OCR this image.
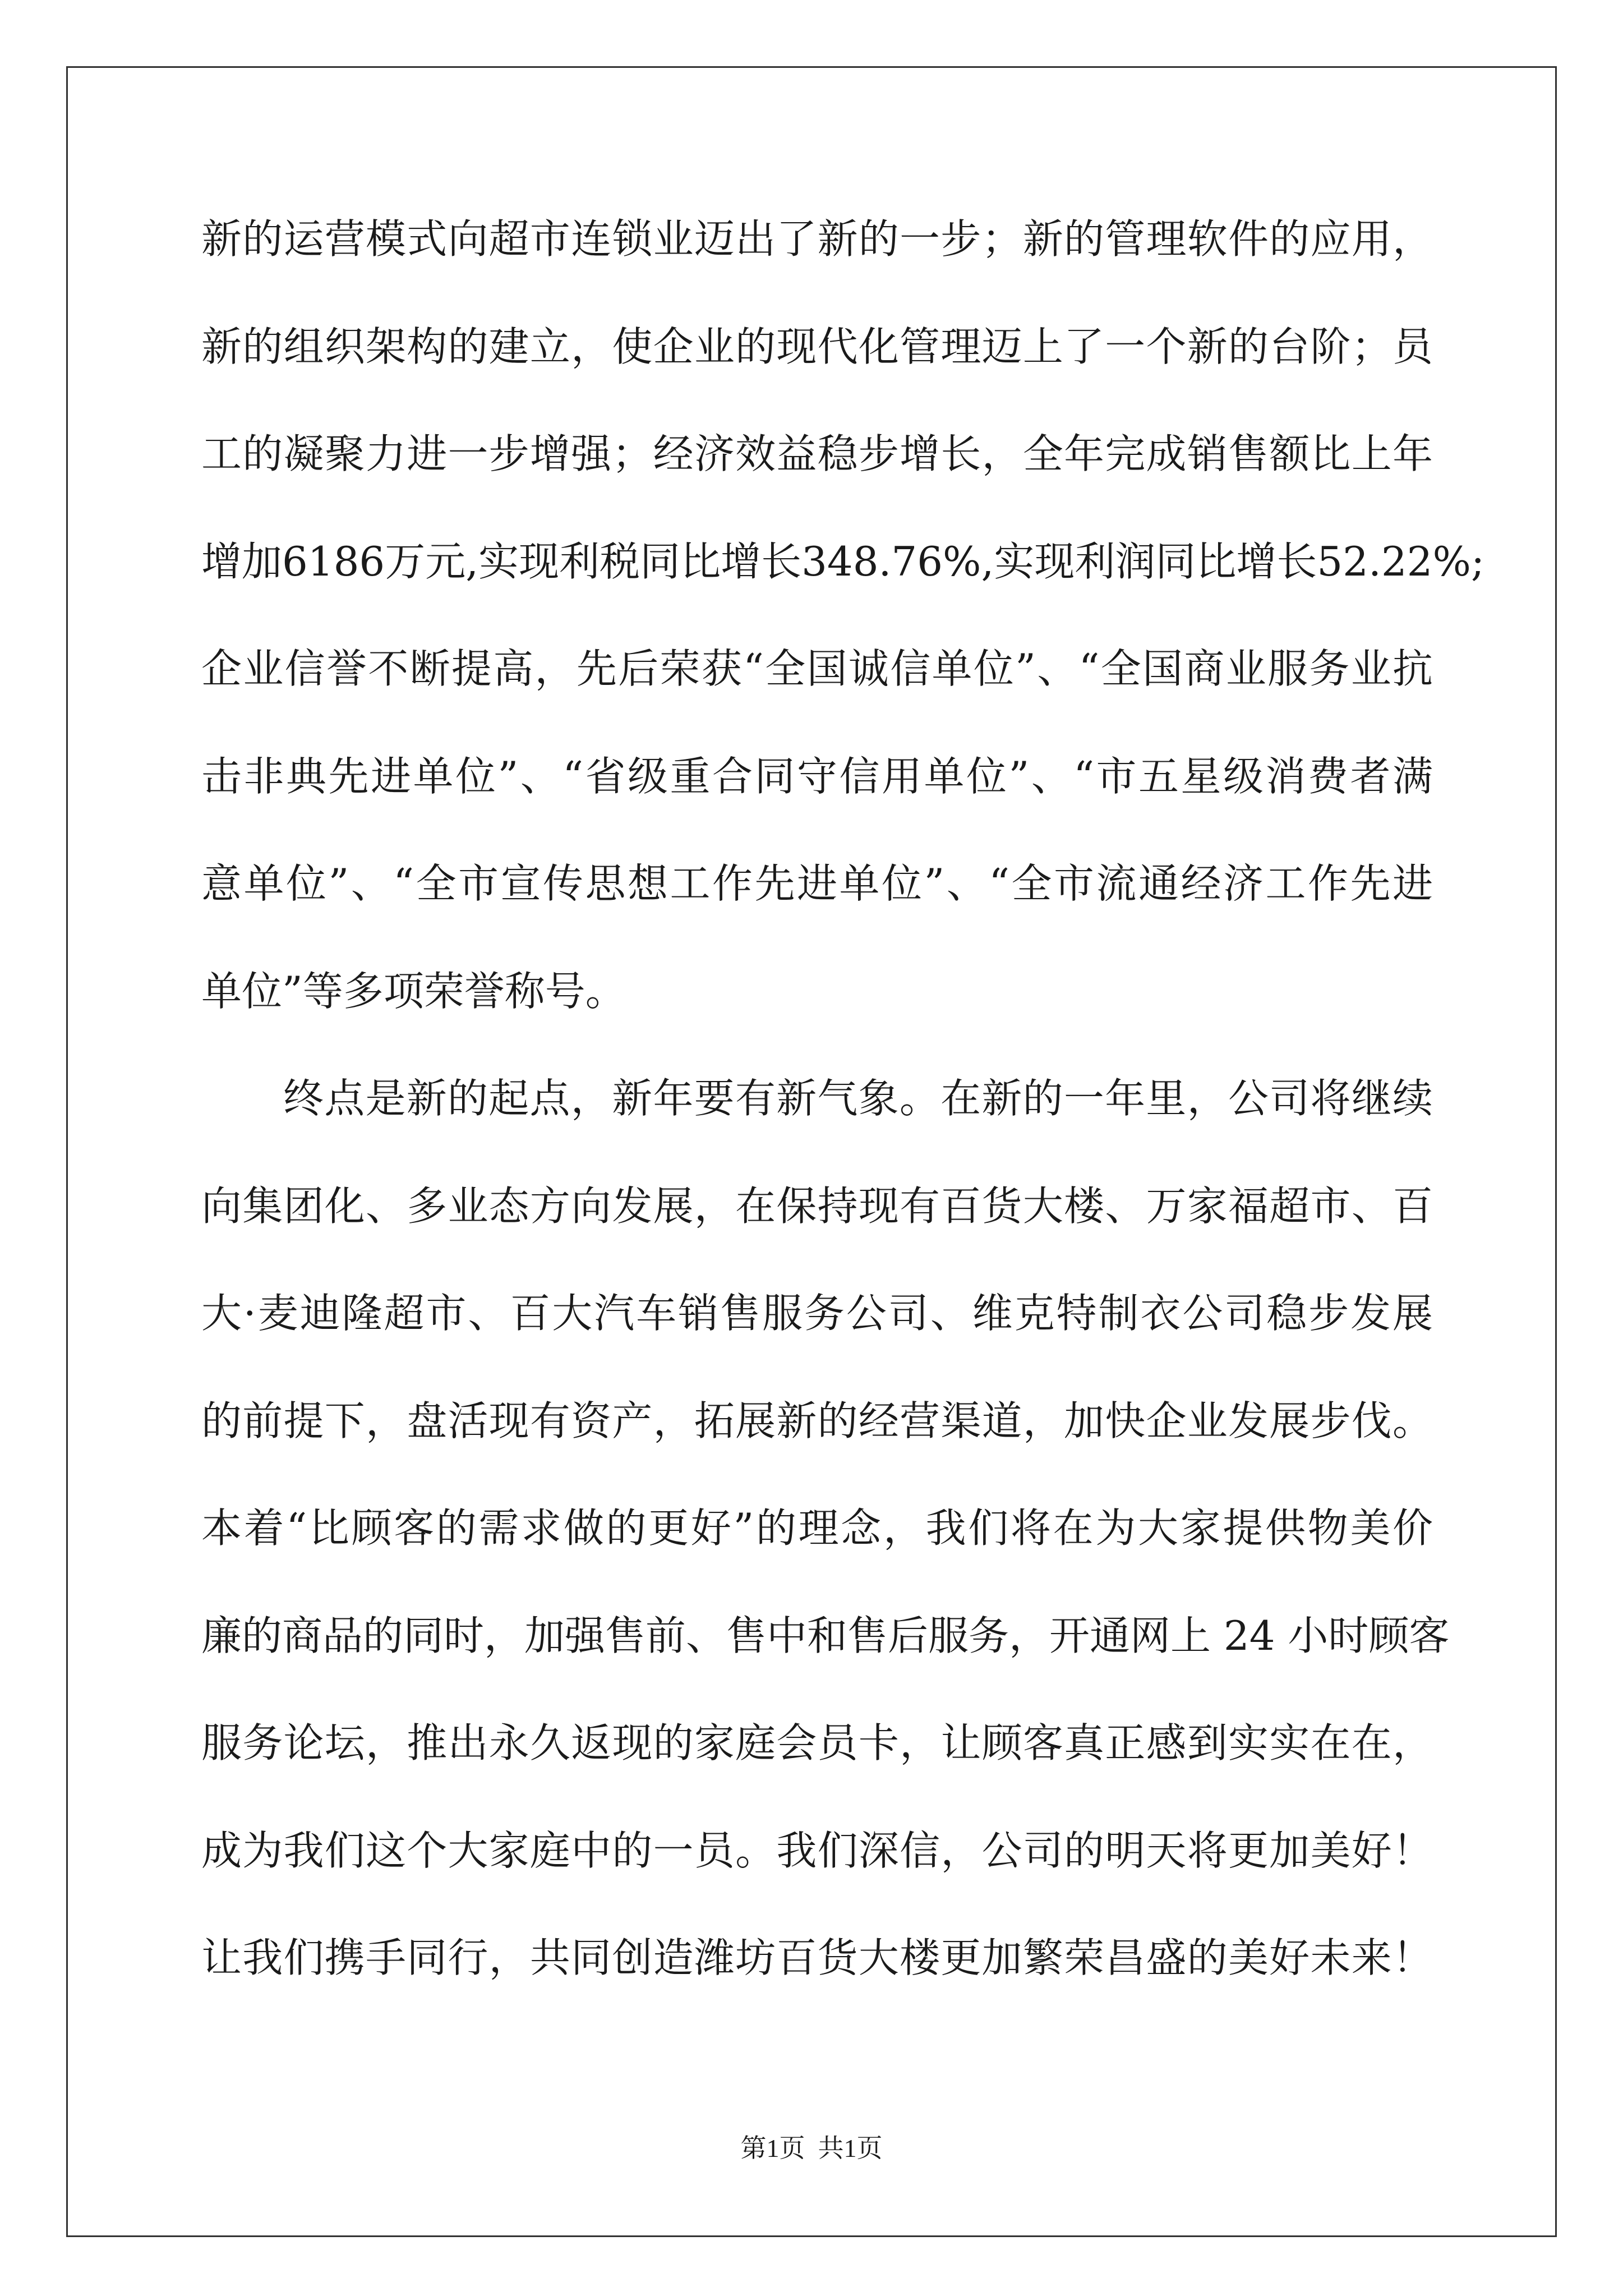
新的运营模式向超市连锁业迈出了新的一步；新的管理软件的应用，
新的组织架构的建立，使企业的现代化管理迈上了一个新的台阶；员
工的凝聚力进一步增强；经济效益稳步增长，全年完成销售额比上年
增加6186万元,实现利税同比增长348.76%,实现利润同比增长52.22%;
企业信誉不断提高，先后荣获“全国诚信单位”、“全国商业服务业抗
击非典先进单位”、“省级重合同守信用单位”、“市五星级消费者满
意单位”、“全市宣传思想工作先进单位”、“全市流通经济工作先进
单位”等多项荣誉称号。
终点是新的起点，新年要有新气象。在新的一年里，公司将继续
向集团化、多业态方向发展，在保持现有百货大楼、万家福超市、百
大·麦迪隆超市、百大汽车销售服务公司、维克特制衣公司稳步发展
的前提下，盘活现有资产，拓展新的经营渠道，加快企业发展步伐。
本着“比顾客的需求做的更好”的理念，我们将在为大家提供物美价
廉的商品的同时，加强售前、售中和售后服务，开通网上 24 小时顾客
服务论坛，推出永久返现的家庭会员卡，让顾客真正感到实实在在，
成为我们这个大家庭中的一员。我们深信，公司的明天将更加美好！
让我们携手同行，共同创造潍坊百货大楼更加繁荣昌盛的美好未来！
第1页  共1页
